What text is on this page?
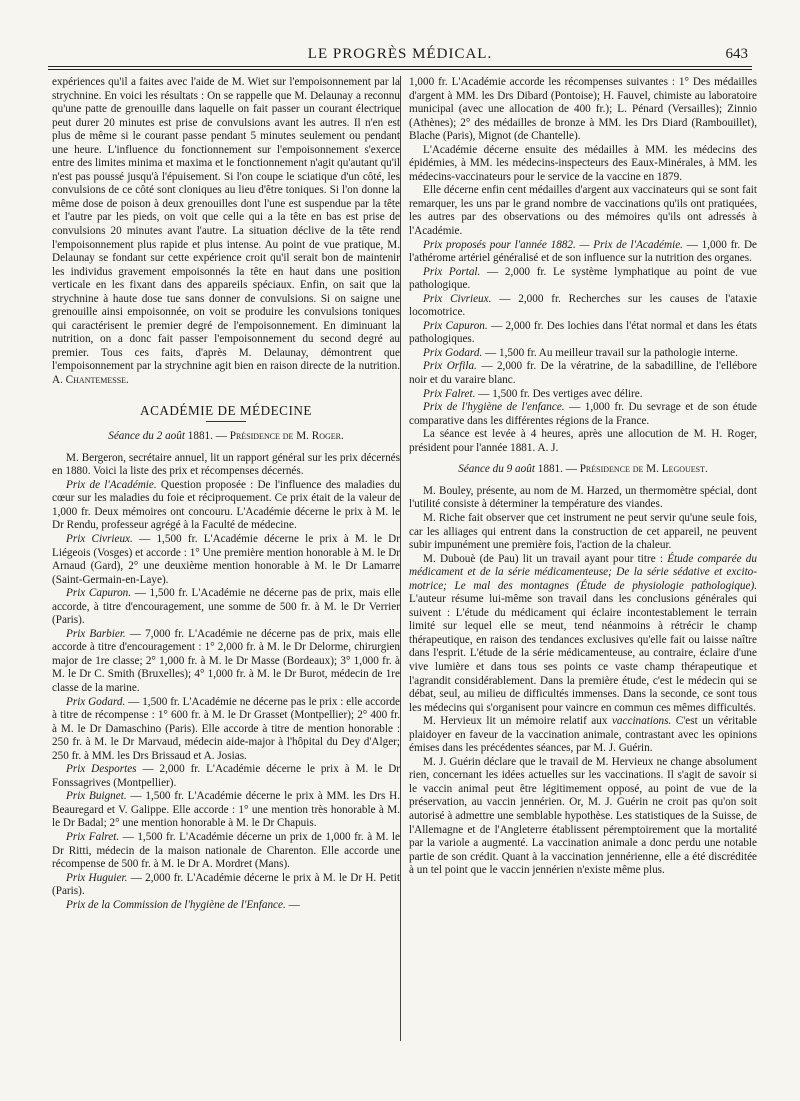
LE PROGRÈS MÉDICAL.	643

expériences qu'il a faites avec l'aide de M. Wiet sur l'empoisonnement par la strychnine. En voici les résultats : On se rappelle que M. Delaunay a reconnu qu'une patte de grenouille dans laquelle on fait passer un courant électrique peut durer 20 minutes est prise de convulsions avant les autres. Il n'en est plus de même si le courant passe pendant 5 minutes seulement ou pendant une heure. L'influence du fonctionnement sur l'empoisonnement s'exerce entre des limites minima et maxima et le fonctionnement n'agit qu'autant qu'il n'est pas poussé jusqu'à l'épuisement. Si l'on coupe le sciatique d'un côté, les convulsions de ce côté sont cloniques au lieu d'être toniques. Si l'on donne la même dose de poison à deux grenouilles dont l'une est suspendue par la tête et l'autre par les pieds, on voit que celle qui a la tête en bas est prise de convulsions 20 minutes avant l'autre. La situation déclive de la tête rend l'empoisonnement plus rapide et plus intense. Au point de vue pratique, M. Delaunay se fondant sur cette expérience croit qu'il serait bon de maintenir les individus gravement empoisonnés la tête en haut dans une position verticale en les fixant dans des appareils spéciaux. Enfin, on sait que la strychnine à haute dose tue sans donner de convulsions. Si on saigne une grenouille ainsi empoisonnée, on voit se produire les convulsions toniques qui caractérisent le premier degré de l'empoisonnement. En diminuant la nutrition, on a donc fait passer l'empoisonnement du second degré au premier. Tous ces faits, d'après M. Delaunay, démontrent que l'empoisonnement par la strychnine agit bien en raison directe de la nutrition. A. Chantemesse.

ACADÉMIE DE MÉDECINE
Séance du 2 août 1881. — Présidence de M. Roger.

M. Bergeron, secrétaire annuel, lit un rapport général sur les prix décernés en 1880. Voici la liste des prix et récompenses décernés.

Prix de l'Académie. Question proposée : De l'influence des maladies du cœur sur les maladies du foie et réciproquement. Ce prix était de la valeur de 1,000 fr. Deux mémoires ont concouru. L'Académie décerne le prix à M. le Dr Rendu, professeur agrégé à la Faculté de médecine.

Prix Civrieux. — 1,500 fr. L'Académie décerne le prix à M. le Dr Liégeois (Vosges) et accorde : 1° Une première mention honorable à M. le Dr Arnaud (Gard), 2° une deuxième mention honorable à M. le Dr Lamarre (Saint-Germain-en-Laye).

Prix Capuron. — 1,500 fr. L'Académie ne décerne pas de prix, mais elle accorde, à titre d'encouragement, une somme de 500 fr. à M. le Dr Verrier (Paris).

Prix Barbier. — 7,000 fr. L'Académie ne décerne pas de prix, mais elle accorde à titre d'encouragement : 1° 2,000 fr. à M. le Dr Delorme, chirurgien major de 1re classe; 2° 1,000 fr. à M. le Dr Masse (Bordeaux); 3° 1,000 fr. à M. le Dr C. Smith (Bruxelles); 4° 1,000 fr. à M. le Dr Burot, médecin de 1re classe de la marine.

Prix Godard. — 1,500 fr. L'Académie ne décerne pas le prix : elle accorde à titre de récompense : 1° 600 fr. à M. le Dr Grasset (Montpellier); 2° 400 fr. à M. le Dr Damaschino (Paris). Elle accorde à titre de mention honorable : 250 fr. à M. le Dr Marvaud, médecin aide-major à l'hôpital du Dey d'Alger; 250 fr. à MM. les Drs Brissaud et A. Josias.

Prix Desportes — 2,000 fr. L'Académie décerne le prix à M. le Dr Fonssagrives (Montpellier).

Prix Buignet. — 1,500 fr. L'Académie décerne le prix à MM. les Drs H. Beauregard et V. Galippe. Elle accorde : 1° une mention très honorable à M. le Dr Badal; 2° une mention honorable à M. le Dr Chapuis.

Prix Falret. — 1,500 fr. L'Académie décerne un prix de 1,000 fr. à M. le Dr Ritti, médecin de la maison nationale de Charenton. Elle accorde une récompense de 500 fr. à M. le Dr A. Mordret (Mans).

Prix Huguier. — 2,000 fr. L'Académie décerne le prix à M. le Dr H. Petit (Paris).

Prix de la Commission de l'hygiène de l'Enfance. —

1,000 fr. L'Académie accorde les récompenses suivantes : 1° Des médailles d'argent à MM. les Drs Dibard (Pontoise); H. Fauvel, chimiste au laboratoire municipal (avec une allocation de 400 fr.); L. Pénard (Versailles); Zinnio (Athènes); 2° des médailles de bronze à MM. les Drs Diard (Rambouillet), Blache (Paris), Mignot (de Chantelle).

L'Académie décerne ensuite des médailles à MM. les médecins des épidémies, à MM. les médecins-inspecteurs des Eaux-Minérales, à MM. les médecins-vaccinateurs pour le service de la vaccine en 1879.

Elle décerne enfin cent médailles d'argent aux vaccinateurs qui se sont fait remarquer, les uns par le grand nombre de vaccinations qu'ils ont pratiquées, les autres par des observations ou des mémoires qu'ils ont adressés à l'Académie.

Prix proposés pour l'année 1882. — Prix de l'Académie. — 1,000 fr. De l'athérome artériel généralisé et de son influence sur la nutrition des organes.

Prix Portal. — 2,000 fr. Le système lymphatique au point de vue pathologique.

Prix Civrieux. — 2,000 fr. Recherches sur les causes de l'ataxie locomotrice.

Prix Capuron. — 2,000 fr. Des lochies dans l'état normal et dans les états pathologiques.

Prix Godard. — 1,500 fr. Au meilleur travail sur la pathologie interne.

Prix Orfila. — 2,000 fr. De la vératrine, de la sabadilline, de l'ellébore noir et du varaire blanc.

Prix Falret. — 1,500 fr. Des vertiges avec délire.

Prix de l'hygiène de l'enfance. — 1,000 fr. Du sevrage et de son étude comparative dans les différentes régions de la France.

La séance est levée à 4 heures, après une allocution de M. H. Roger, président pour l'année 1881. A. J.

Séance du 9 août 1881. — Présidence de M. Legouest.

M. Bouley, présente, au nom de M. Harzed, un thermomètre spécial, dont l'utilité consiste à déterminer la température des viandes.

M. Riche fait observer que cet instrument ne peut servir qu'une seule fois, car les alliages qui entrent dans la construction de cet appareil, ne peuvent subir impunément une première fois, l'action de la chaleur.

M. Dubouè (de Pau) lit un travail ayant pour titre : Étude comparée du médicament et de la série médicamenteuse; De la série sédative et excito-motrice; Le mal des montagnes (Étude de physiologie pathologique). L'auteur résume lui-même son travail dans les conclusions générales qui suivent : L'étude du médicament qui éclaire incontestablement le terrain limité sur lequel elle se meut, tend néanmoins à rétrécir le champ thérapeutique, en raison des tendances exclusives qu'elle fait ou laisse naître dans l'esprit. L'étude de la série médicamenteuse, au contraire, éclaire d'une vive lumière et dans tous ses points ce vaste champ thérapeutique et l'agrandit considérablement. Dans la première étude, c'est le médecin qui se débat, seul, au milieu de difficultés immenses. Dans la seconde, ce sont tous les médecins qui s'organisent pour vaincre en commun ces mêmes difficultés.

M. Hervieux lit un mémoire relatif aux vaccinations. C'est un véritable plaidoyer en faveur de la vaccination animale, contrastant avec les opinions émises dans les précédentes séances, par M. J. Guérin.

M. J. Guérin déclare que le travail de M. Hervieux ne change absolument rien, concernant les idées actuelles sur les vaccinations. Il s'agit de savoir si le vaccin animal peut être légitimement opposé, au point de vue de la préservation, au vaccin jennérien. Or, M. J. Guérin ne croit pas qu'on soit autorisé à admettre une semblable hypothèse. Les statistiques de la Suisse, de l'Allemagne et de l'Angleterre établissent péremptoirement que la mortalité par la variole a augmenté. La vaccination animale a donc perdu une notable partie de son crédit. Quant à la vaccination jennérienne, elle a été discréditée à un tel point que le vaccin jennérien n'existe même plus.
